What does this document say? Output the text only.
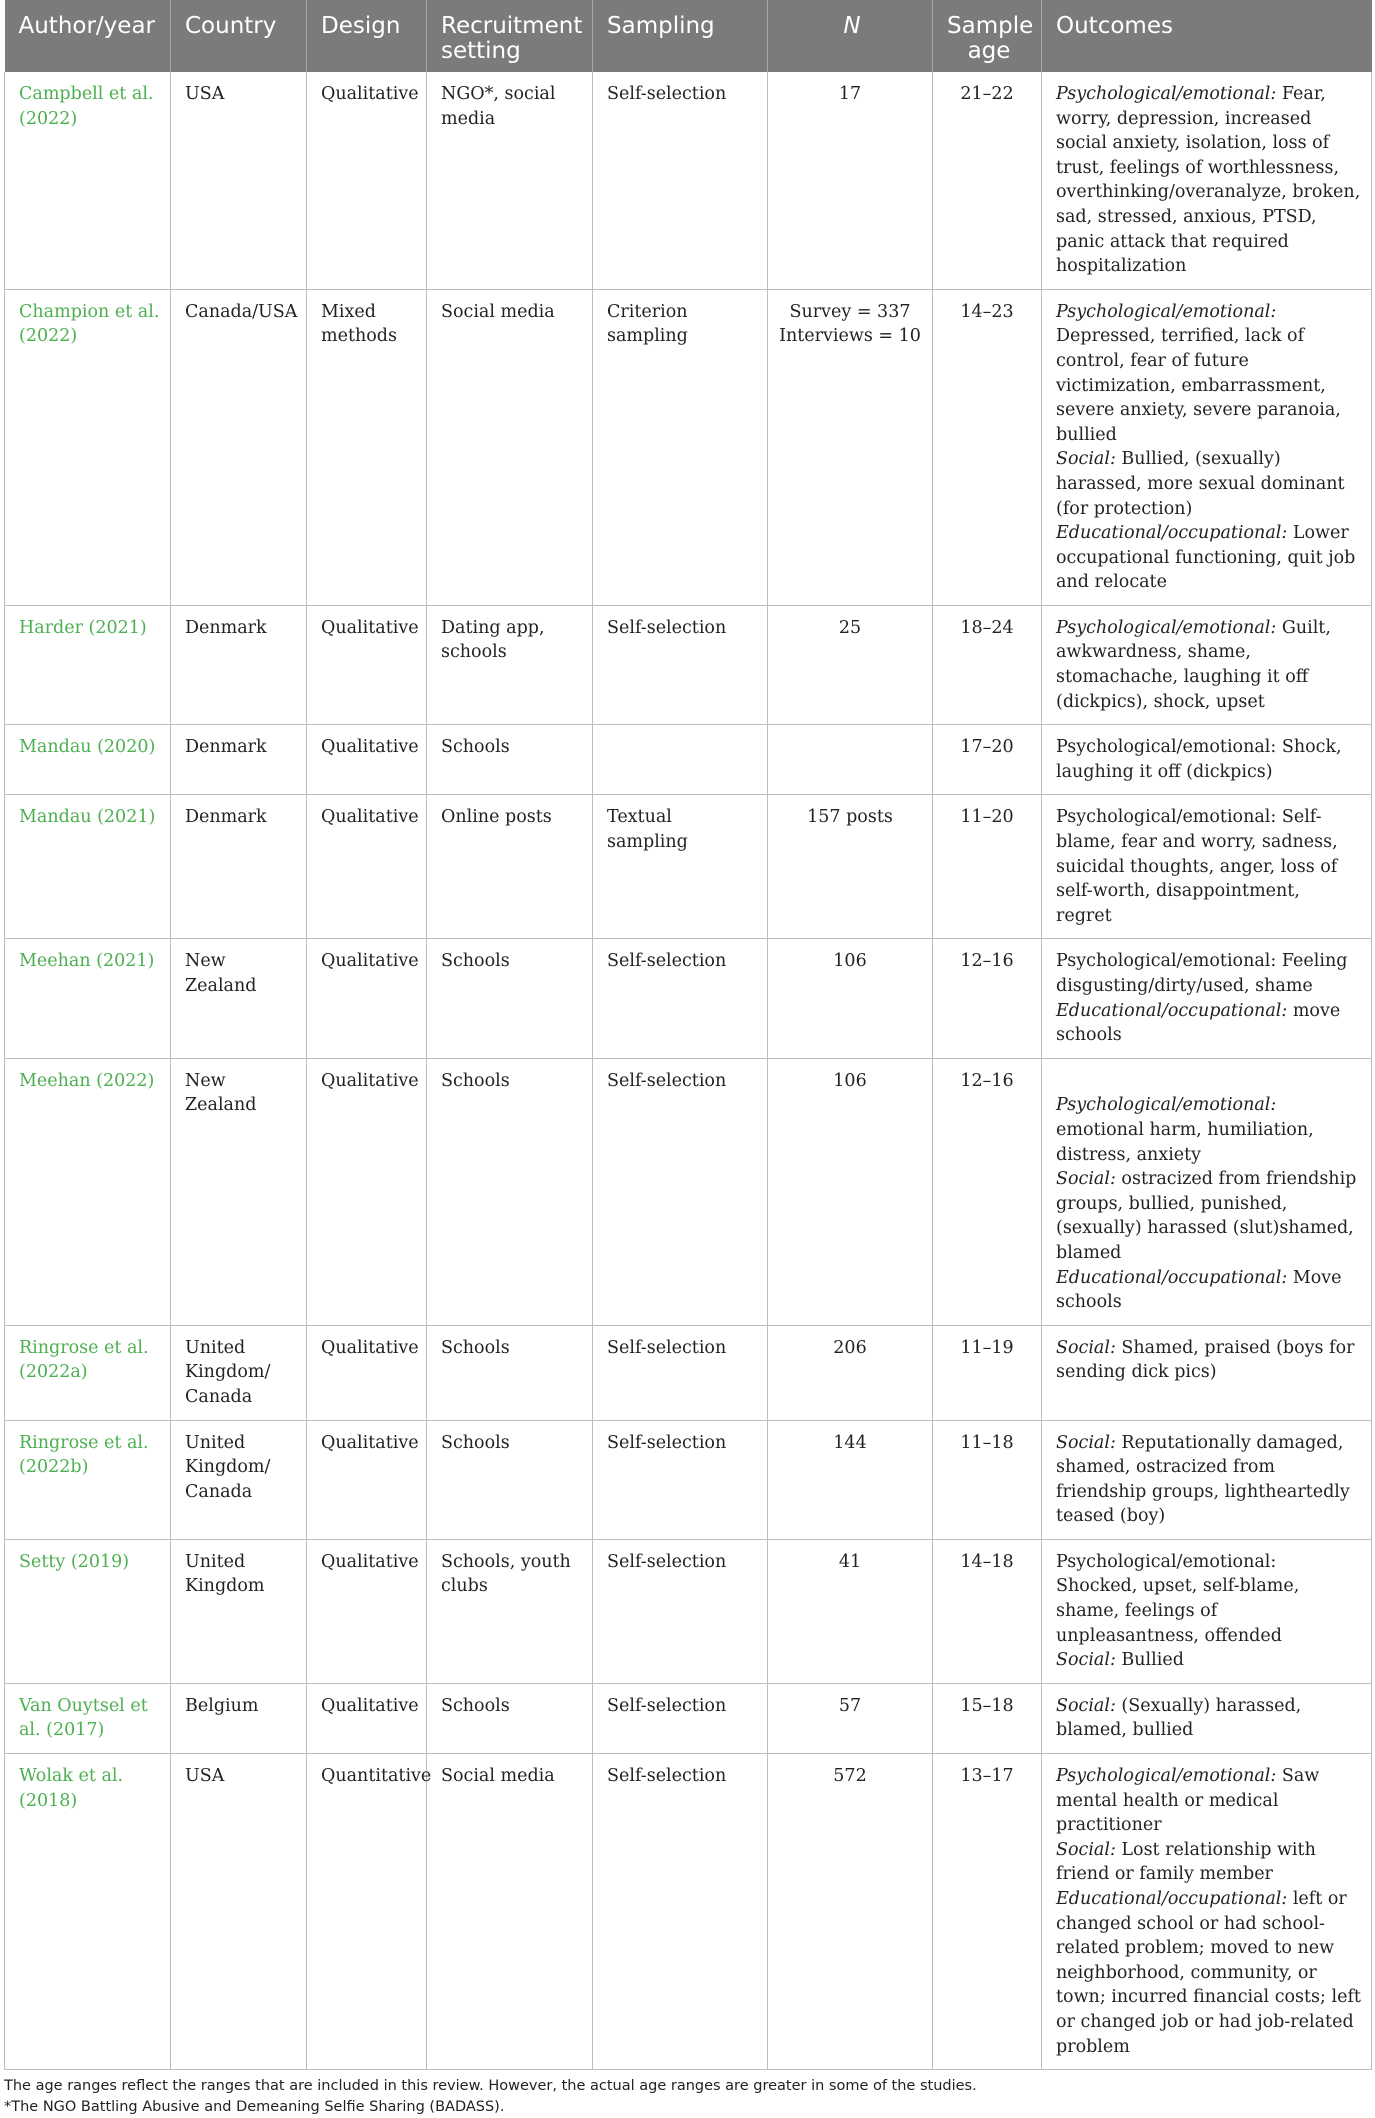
Author/year	Country	Design	Recruitment setting	Sampling	N	Sample age	Outcomes
Campbell et al. (2022)	USA	Qualitative	NGO*, social media	Self-selection	17	21–22	Psychological/emotional: Fear, worry, depression, increased social anxiety, isolation, loss of trust, feelings of worthlessness, overthinking/overanalyze, broken, sad, stressed, anxious, PTSD, panic attack that required hospitalization

Champion et al. (2022)	Canada/USA	Mixed methods	Social media	Criterion sampling	Survey = 337 Interviews = 10	14–23	Psychological/emotional: Depressed, terrified, lack of control, fear of future victimization, embarrassment, severe anxiety, severe paranoia, bullied
Social: Bullied, (sexually) harassed, more sexual dominant (for protection)
Educational/occupational: Lower occupational functioning, quit job and relocate

Harder (2021)	Denmark	Qualitative	Dating app, schools	Self-selection	25	18–24	Psychological/emotional: Guilt, awkwardness, shame, stomachache, laughing it off (dickpics), shock, upset

Mandau (2020)	Denmark	Qualitative	Schools			17–20	Psychological/emotional: Shock, laughing it off (dickpics)

Mandau (2021)	Denmark	Qualitative	Online posts	Textual sampling	157 posts	11–20	Psychological/emotional: Self-blame, fear and worry, sadness, suicidal thoughts, anger, loss of self-worth, disappointment, regret

Meehan (2021)	New Zealand	Qualitative	Schools	Self-selection	106	12–16	Psychological/emotional: Feeling disgusting/dirty/used, shame
Educational/occupational: move schools

Meehan (2022)	New Zealand	Qualitative	Schools	Self-selection	106	12–16	Psychological/emotional: emotional harm, humiliation, distress, anxiety
Social: ostracized from friendship groups, bullied, punished, (sexually) harassed (slut)shamed, blamed
Educational/occupational: Move schools

Ringrose et al. (2022a)	United Kingdom/ Canada	Qualitative	Schools	Self-selection	206	11–19	Social: Shamed, praised (boys for sending dick pics)

Ringrose et al. (2022b)	United Kingdom/ Canada	Qualitative	Schools	Self-selection	144	11–18	Social: Reputationally damaged, shamed, ostracized from friendship groups, lightheartedly teased (boy)

Setty (2019)	United Kingdom	Qualitative	Schools, youth clubs	Self-selection	41	14–18	Psychological/emotional: Shocked, upset, self-blame, shame, feelings of unpleasantness, offended
Social: Bullied

Van Ouytsel et al. (2017)	Belgium	Qualitative	Schools	Self-selection	57	15–18	Social: (Sexually) harassed, blamed, bullied

Wolak et al. (2018)	USA	Quantitative	Social media	Self-selection	572	13–17	Psychological/emotional: Saw mental health or medical practitioner
Social: Lost relationship with friend or family member
Educational/occupational: left or changed school or had school-related problem; moved to new neighborhood, community, or town; incurred financial costs; left or changed job or had job-related problem
The age ranges reflect the ranges that are included in this review. However, the actual age ranges are greater in some of the studies.
*The NGO Battling Abusive and Demeaning Selfie Sharing (BADASS).
